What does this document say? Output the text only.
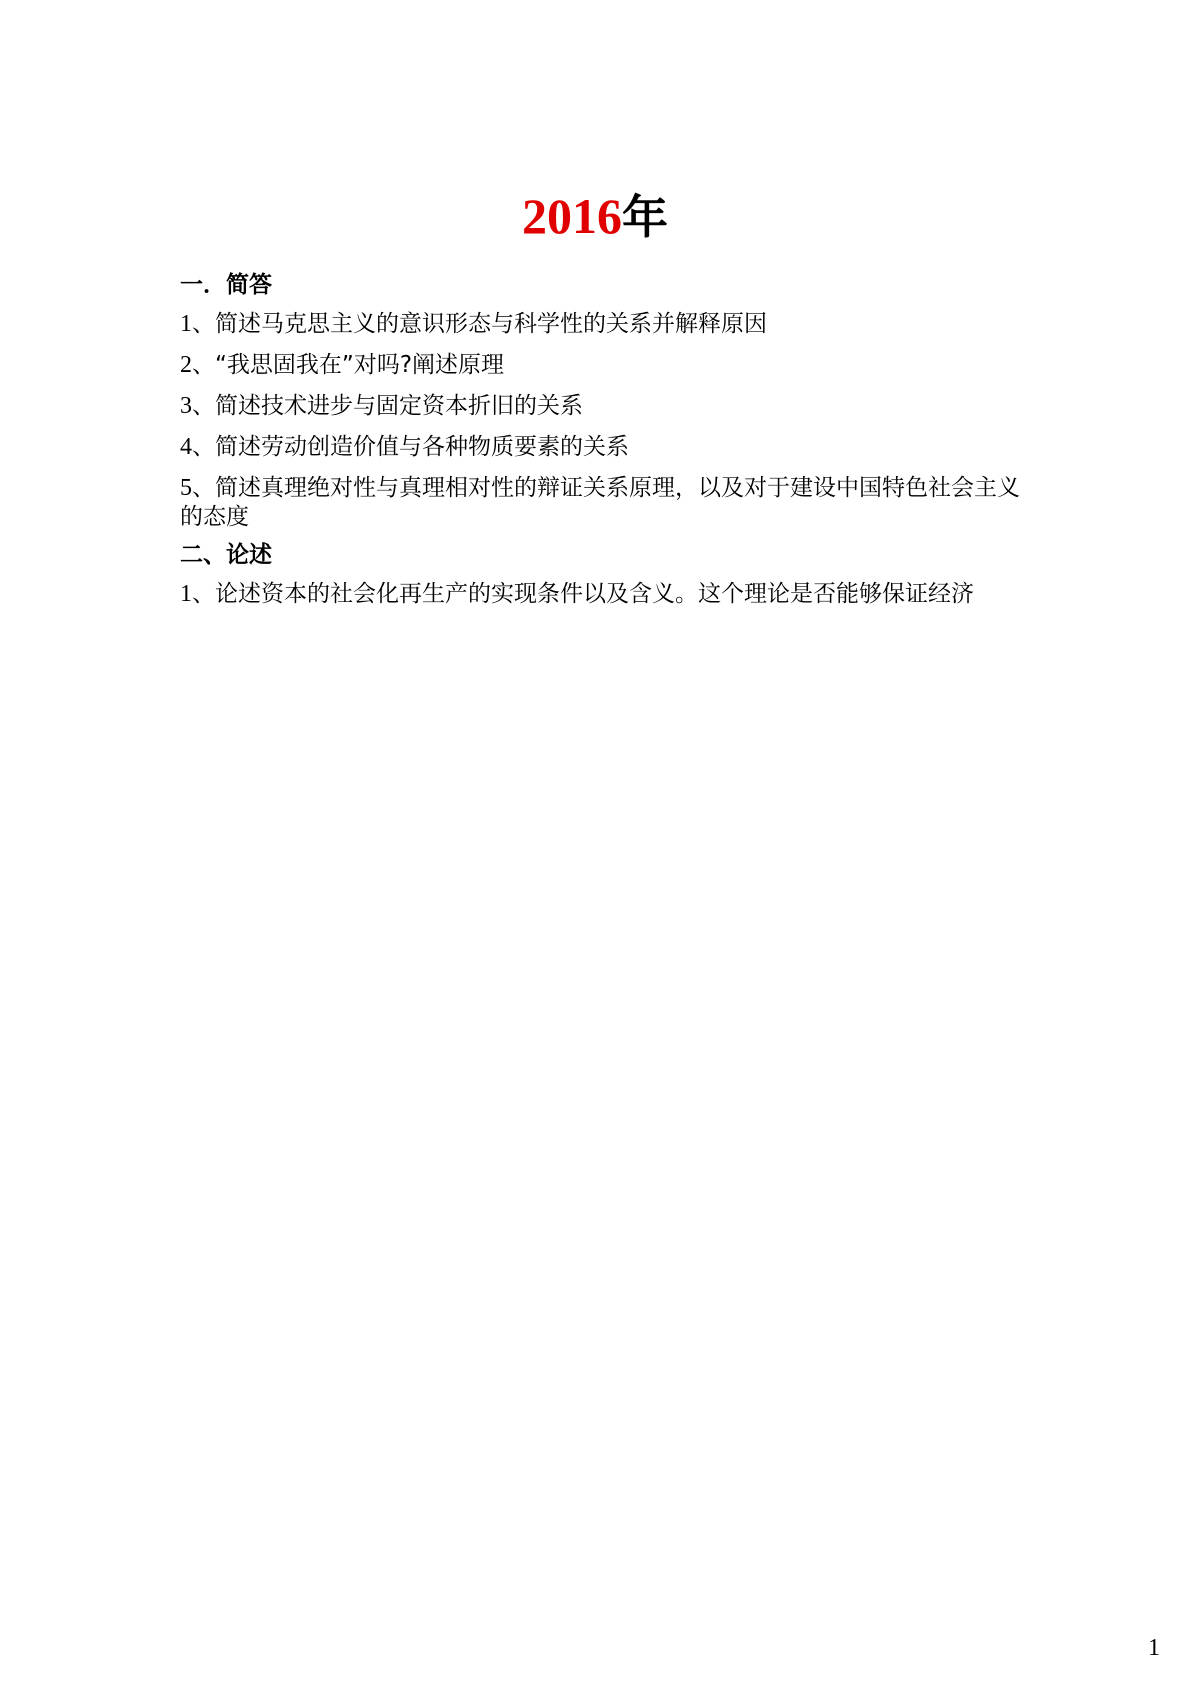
2016年

一．简答

1、简述马克思主义的意识形态与科学性的关系并解释原因

2、“我思固我在”对吗?阐述原理

3、简述技术进步与固定资本折旧的关系

4、简述劳动创造价值与各种物质要素的关系

5、简述真理绝对性与真理相对性的辩证关系原理，以及对于建设中国特色社会主义的态度

二、论述

1、论述资本的社会化再生产的实现条件以及含义。这个理论是否能够保证经济

1
